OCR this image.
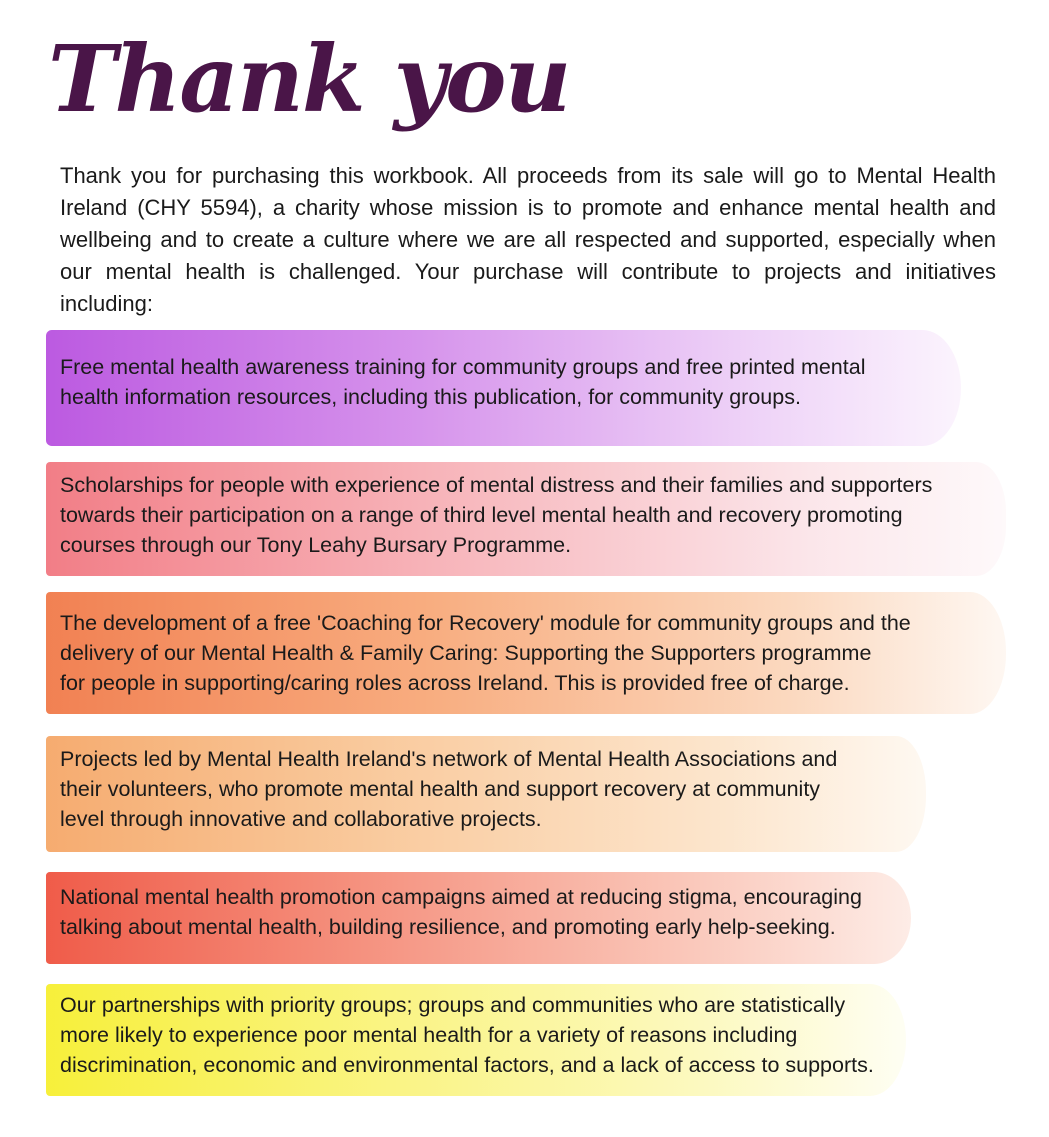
Thank you

Thank you for purchasing this workbook. All proceeds from its sale will go to Mental Health Ireland (CHY 5594), a charity whose mission is to promote and enhance mental health and wellbeing and to create a culture where we are all respected and supported, especially when our mental health is challenged. Your purchase will contribute to projects and initiatives including:

Free mental health awareness training for community groups and free printed mental
health information resources, including this publication, for community groups.

Scholarships for people with experience of mental distress and their families and supporters
towards their participation on a range of third level mental health and recovery promoting
courses through our Tony Leahy Bursary Programme.

The development of a free 'Coaching for Recovery' module for community groups and the
delivery of our Mental Health & Family Caring: Supporting the Supporters programme
for people in supporting/caring roles across Ireland. This is provided free of charge.

Projects led by Mental Health Ireland's network of Mental Health Associations and
their volunteers, who promote mental health and support recovery at community
level through innovative and collaborative projects.

National mental health promotion campaigns aimed at reducing stigma, encouraging
talking about mental health, building resilience, and promoting early help-seeking.

Our partnerships with priority groups; groups and communities who are statistically
more likely to experience poor mental health for a variety of reasons including
discrimination, economic and environmental factors, and a lack of access to supports.
